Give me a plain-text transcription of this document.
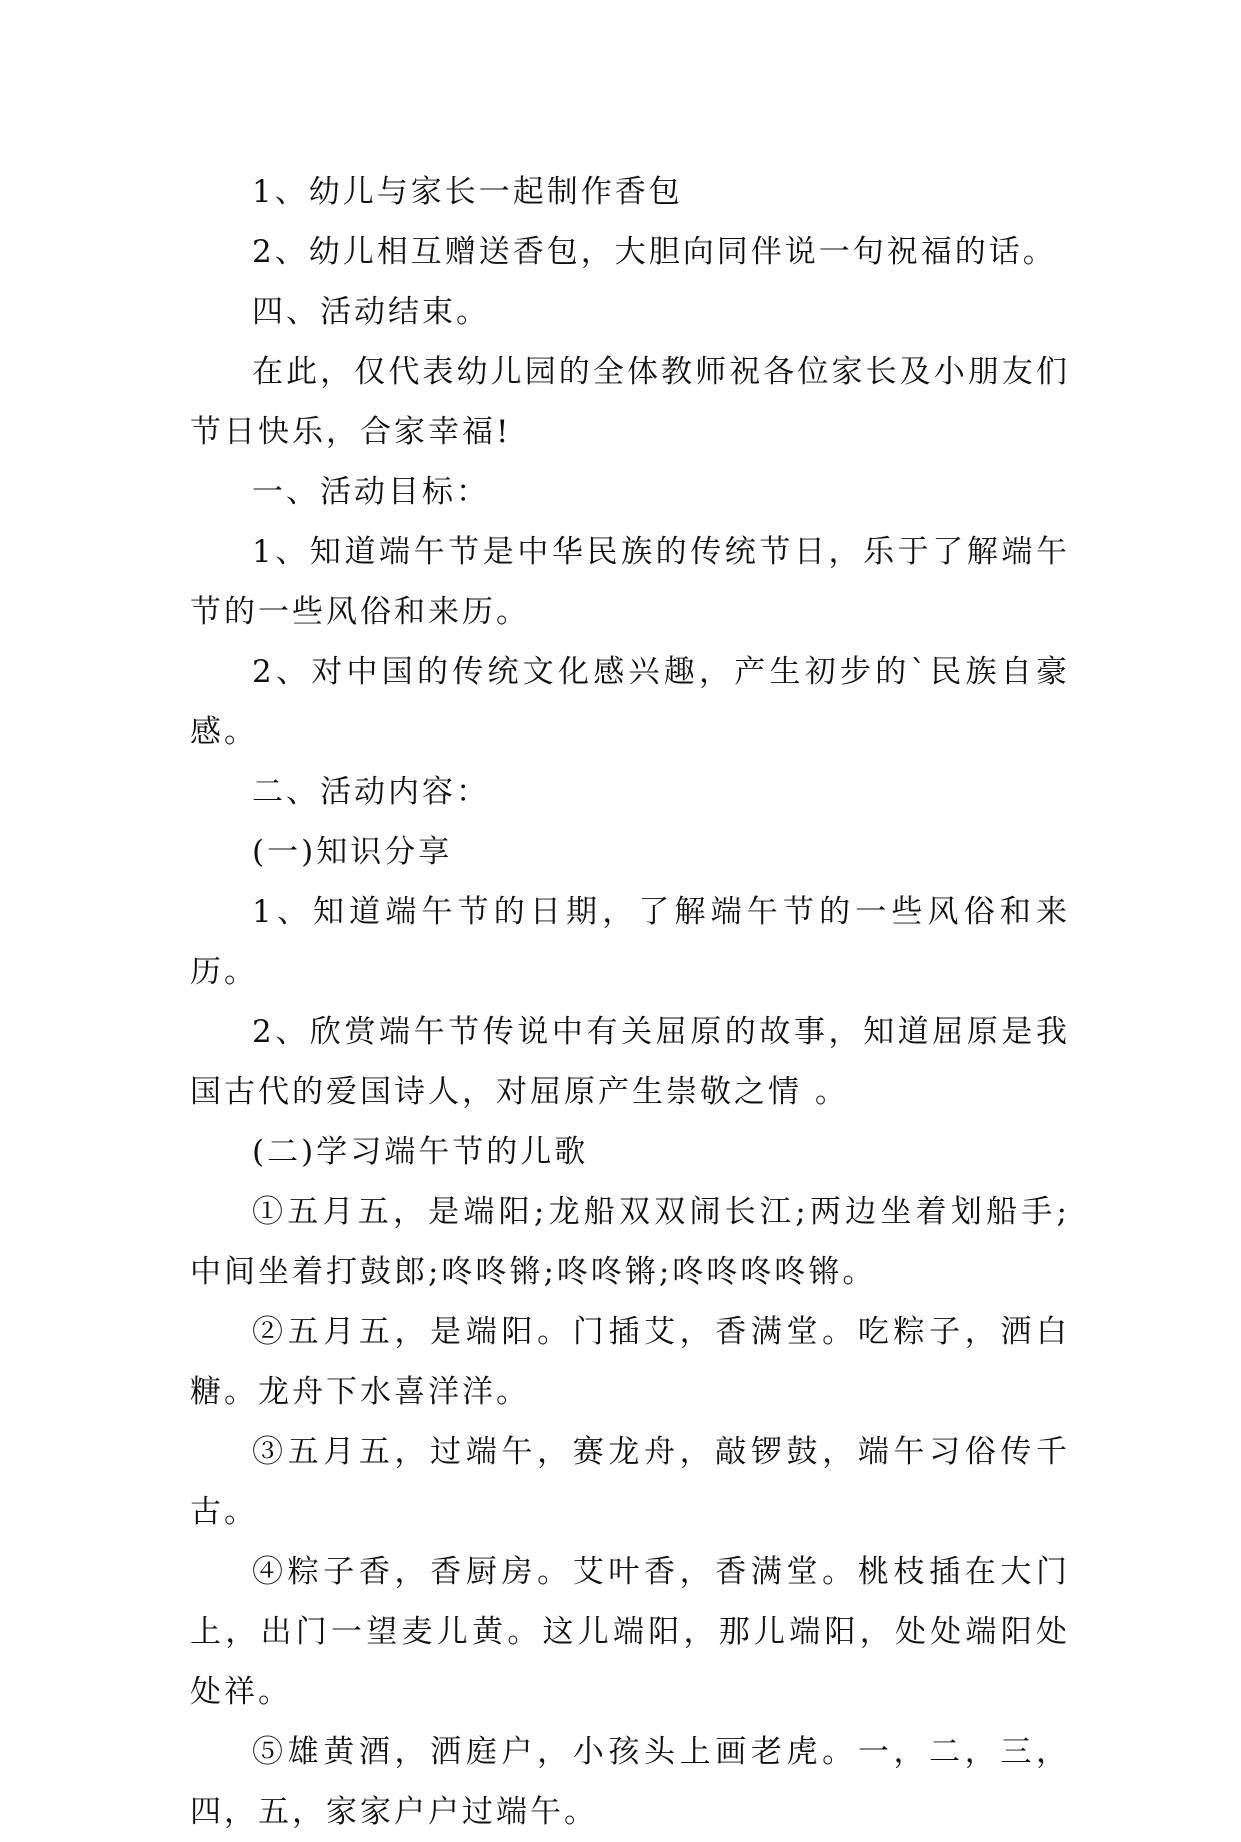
1、幼儿与家长一起制作香包

2、幼儿相互赠送香包，大胆向同伴说一句祝福的话。

四、活动结束。

在此，仅代表幼儿园的全体教师祝各位家长及小朋友们节日快乐，合家幸福!

一、活动目标：

1、知道端午节是中华民族的传统节日，乐于了解端午节的一些风俗和来历。

2、对中国的传统文化感兴趣，产生初步的`民族自豪感。

二、活动内容：

(一)知识分享

1、知道端午节的日期，了解端午节的一些风俗和来历。

2、欣赏端午节传说中有关屈原的故事，知道屈原是我国古代的爱国诗人，对屈原产生崇敬之情 。

(二)学习端午节的儿歌

①五月五，是端阳;龙船双双闹长江;两边坐着划船手;中间坐着打鼓郎;咚咚锵;咚咚锵;咚咚咚咚锵。

②五月五，是端阳。门插艾，香满堂。吃粽子，洒白糖。龙舟下水喜洋洋。

③五月五，过端午，赛龙舟，敲锣鼓，端午习俗传千古。

④粽子香，香厨房。艾叶香，香满堂。桃枝插在大门上，出门一望麦儿黄。这儿端阳，那儿端阳，处处端阳处处祥。

⑤雄黄酒，洒庭户，小孩头上画老虎。一，二，三，四，五，家家户户过端午。
